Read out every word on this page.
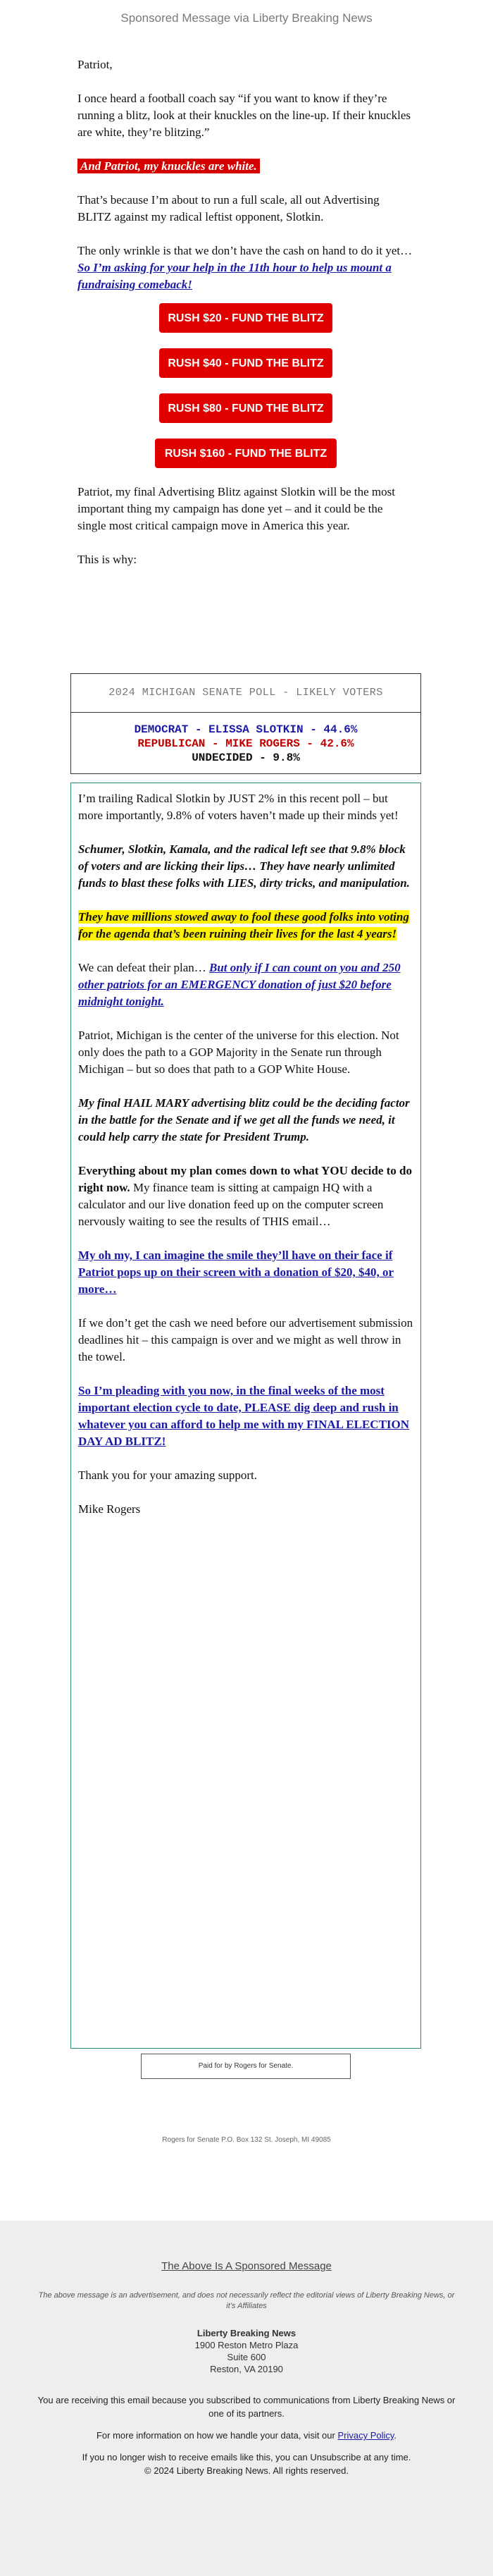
Sponsored Message via Liberty Breaking News

Patriot,

I once heard a football coach say “if you want to know if they’re running a blitz, look at their knuckles on the line-up. If their knuckles are white, they’re blitzing.”

And Patriot, my knuckles are white.

That’s because I’m about to run a full scale, all out Advertising BLITZ against my radical leftist opponent, Slotkin.

The only wrinkle is that we don’t have the cash on hand to do it yet… So I’m asking for your help in the 11th hour to help us mount a fundraising comeback!

RUSH $20 - FUND THE BLITZ
RUSH $40 - FUND THE BLITZ
RUSH $80 - FUND THE BLITZ
RUSH $160 - FUND THE BLITZ

Patriot, my final Advertising Blitz against Slotkin will be the most important thing my campaign has done yet – and it could be the single most critical campaign move in America this year.

This is why:

2024 MICHIGAN SENATE POLL - LIKELY VOTERS
DEMOCRAT - ELISSA SLOTKIN - 44.6%
REPUBLICAN - MIKE ROGERS - 42.6%
UNDECIDED - 9.8%

I’m trailing Radical Slotkin by JUST 2% in this recent poll – but more importantly, 9.8% of voters haven’t made up their minds yet!

Schumer, Slotkin, Kamala, and the radical left see that 9.8% block of voters and are licking their lips… They have nearly unlimited funds to blast these folks with LIES, dirty tricks, and manipulation.

They have millions stowed away to fool these good folks into voting for the agenda that’s been ruining their lives for the last 4 years!

We can defeat their plan… But only if I can count on you and 250 other patriots for an EMERGENCY donation of just $20 before midnight tonight.

Patriot, Michigan is the center of the universe for this election. Not only does the path to a GOP Majority in the Senate run through Michigan – but so does that path to a GOP White House.

My final HAIL MARY advertising blitz could be the deciding factor in the battle for the Senate and if we get all the funds we need, it could help carry the state for President Trump.

Everything about my plan comes down to what YOU decide to do right now. My finance team is sitting at campaign HQ with a calculator and our live donation feed up on the computer screen nervously waiting to see the results of THIS email…

My oh my, I can imagine the smile they’ll have on their face if Patriot pops up on their screen with a donation of $20, $40, or more…

If we don’t get the cash we need before our advertisement submission deadlines hit – this campaign is over and we might as well throw in the towel.

So I’m pleading with you now, in the final weeks of the most important election cycle to date, PLEASE dig deep and rush in whatever you can afford to help me with my FINAL ELECTION DAY AD BLITZ!

Thank you for your amazing support.

Mike Rogers

Paid for by Rogers for Senate.
Rogers for Senate P.O. Box 132 St. Joseph, MI 49085
The Above Is A Sponsored Message
The above message is an advertisement, and does not necessarily reflect the editorial views of Liberty Breaking News, or it’s Affiliates
Liberty Breaking News
1900 Reston Metro Plaza
Suite 600
Reston, VA 20190
You are receiving this email because you subscribed to communications from Liberty Breaking News or one of its partners.
For more information on how we handle your data, visit our Privacy Policy.
If you no longer wish to receive emails like this, you can Unsubscribe at any time.
© 2024 Liberty Breaking News. All rights reserved.
